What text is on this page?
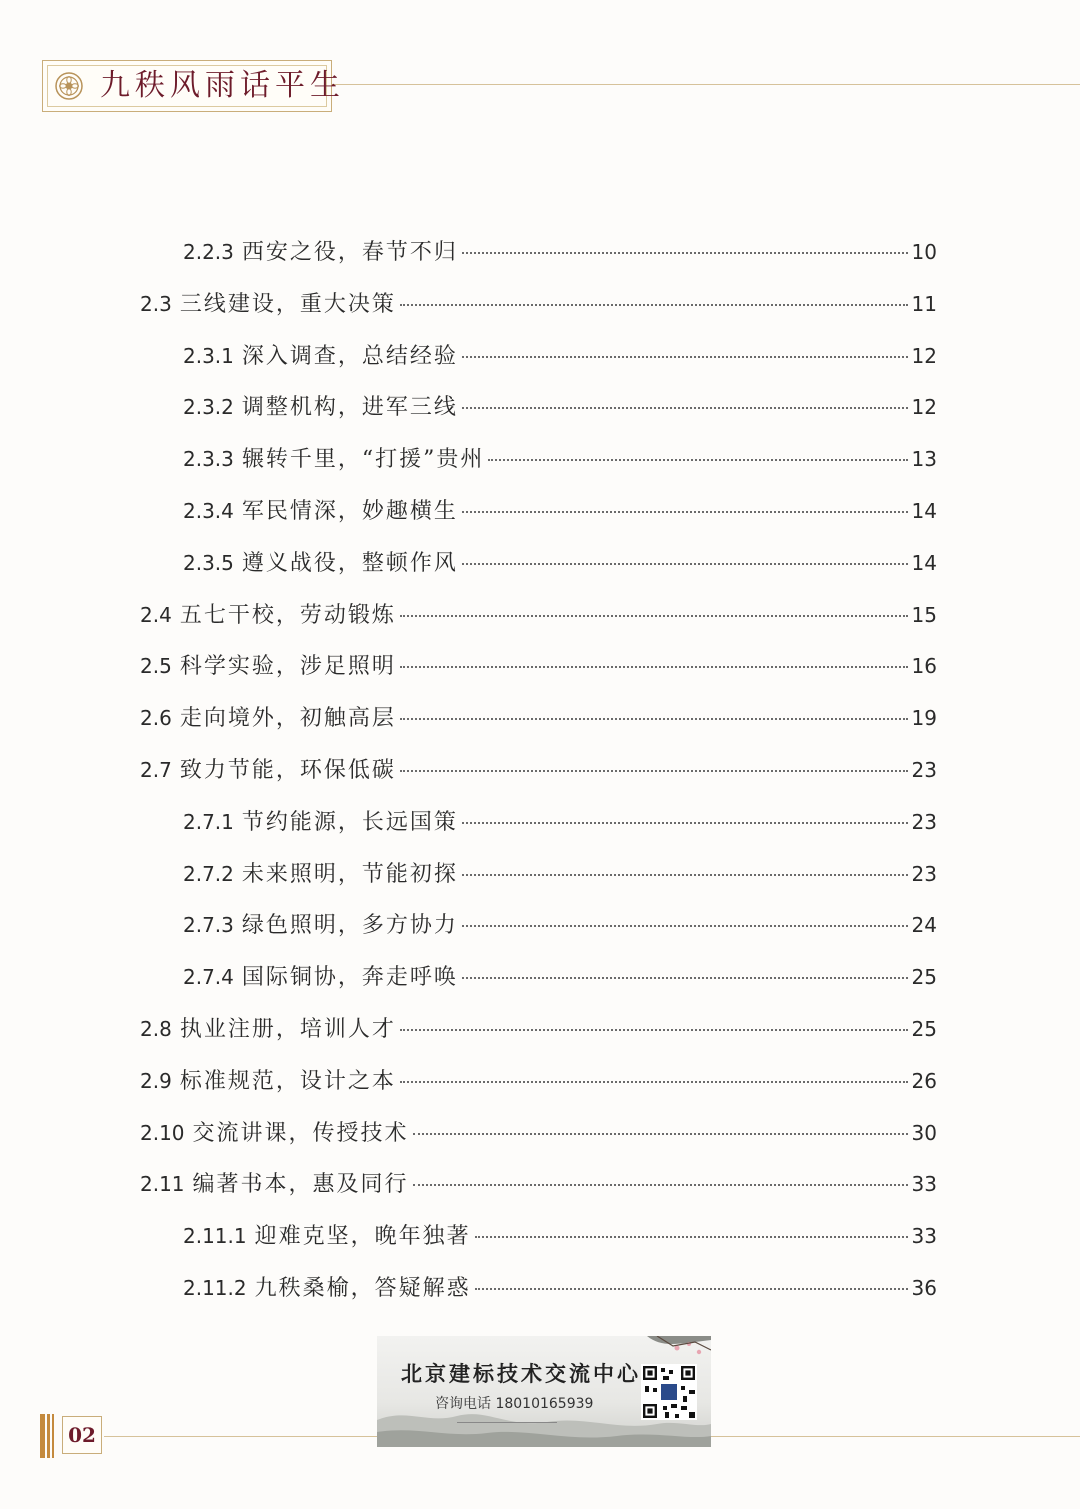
九秩风雨话平生
2.2.3 西安之役，春节不归	10
2.3 三线建设，重大决策	11
2.3.1 深入调查，总结经验	12
2.3.2 调整机构，进军三线	12
2.3.3 辗转千里，“打援”贵州	13
2.3.4 军民情深，妙趣横生	14
2.3.5 遵义战役，整顿作风	14
2.4 五七干校，劳动锻炼	15
2.5 科学实验，涉足照明	16
2.6 走向境外，初触高层	19
2.7 致力节能，环保低碳	23
2.7.1 节约能源，长远国策	23
2.7.2 未来照明，节能初探	23
2.7.3 绿色照明，多方协力	24
2.7.4 国际铜协，奔走呼唤	25
2.8 执业注册，培训人才	25
2.9 标准规范，设计之本	26
2.10 交流讲课，传授技术	30
2.11 编著书本，惠及同行	33
2.11.1 迎难克坚，晚年独著	33
2.11.2 九秩桑榆，答疑解惑	36
02
北京建标技术交流中心
咨询电话 18010165939
